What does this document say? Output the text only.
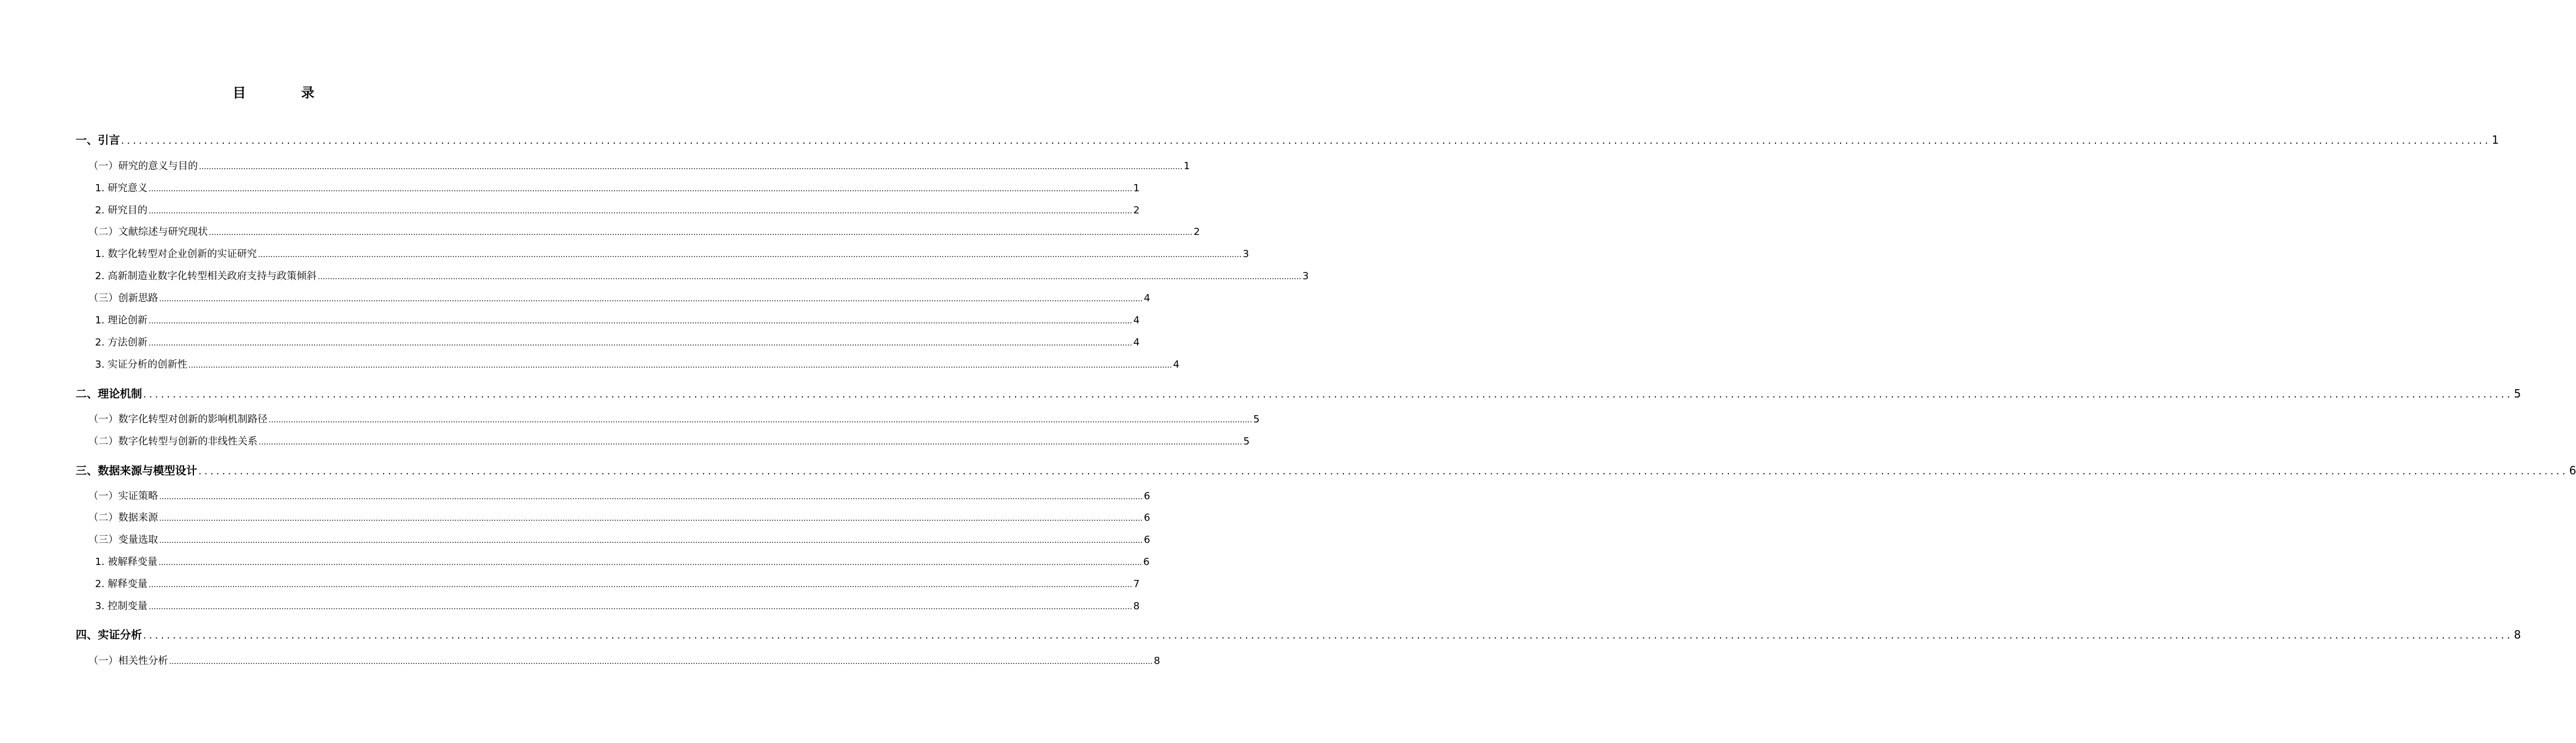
目	录
一、引言 ................................................................................................................................................................................................................................................................................................................................................................................................................ 1
（一）研究的意义与目的 ................................................................................................................................................................................................................................................................................................................................................................................................................ 1
1. 研究意义 ................................................................................................................................................................................................................................................................................................................................................................................................................ 1
2. 研究目的 ................................................................................................................................................................................................................................................................................................................................................................................................................ 2
（二）文献综述与研究现状 ................................................................................................................................................................................................................................................................................................................................................................................................................ 2
1. 数字化转型对企业创新的实证研究 ................................................................................................................................................................................................................................................................................................................................................................................................................ 3
2. 高新制造业数字化转型相关政府支持与政策倾斜 ................................................................................................................................................................................................................................................................................................................................................................................................................ 3
（三）创新思路 ................................................................................................................................................................................................................................................................................................................................................................................................................ 4
1. 理论创新 ................................................................................................................................................................................................................................................................................................................................................................................................................ 4
2. 方法创新 ................................................................................................................................................................................................................................................................................................................................................................................................................ 4
3. 实证分析的创新性 ................................................................................................................................................................................................................................................................................................................................................................................................................ 4
二、理论机制 ................................................................................................................................................................................................................................................................................................................................................................................................................ 5
（一）数字化转型对创新的影响机制路径 ................................................................................................................................................................................................................................................................................................................................................................................................................ 5
（二）数字化转型与创新的非线性关系 ................................................................................................................................................................................................................................................................................................................................................................................................................ 5
三、数据来源与模型设计 ................................................................................................................................................................................................................................................................................................................................................................................................................ 6
（一）实证策略 ................................................................................................................................................................................................................................................................................................................................................................................................................ 6
（二）数据来源 ................................................................................................................................................................................................................................................................................................................................................................................................................ 6
（三）变量选取 ................................................................................................................................................................................................................................................................................................................................................................................................................ 6
1. 被解释变量 ................................................................................................................................................................................................................................................................................................................................................................................................................ 6
2. 解释变量 ................................................................................................................................................................................................................................................................................................................................................................................................................ 7
3. 控制变量 ................................................................................................................................................................................................................................................................................................................................................................................................................ 8
四、实证分析 ................................................................................................................................................................................................................................................................................................................................................................................................................ 8
（一）相关性分析 ................................................................................................................................................................................................................................................................................................................................................................................................................ 8
